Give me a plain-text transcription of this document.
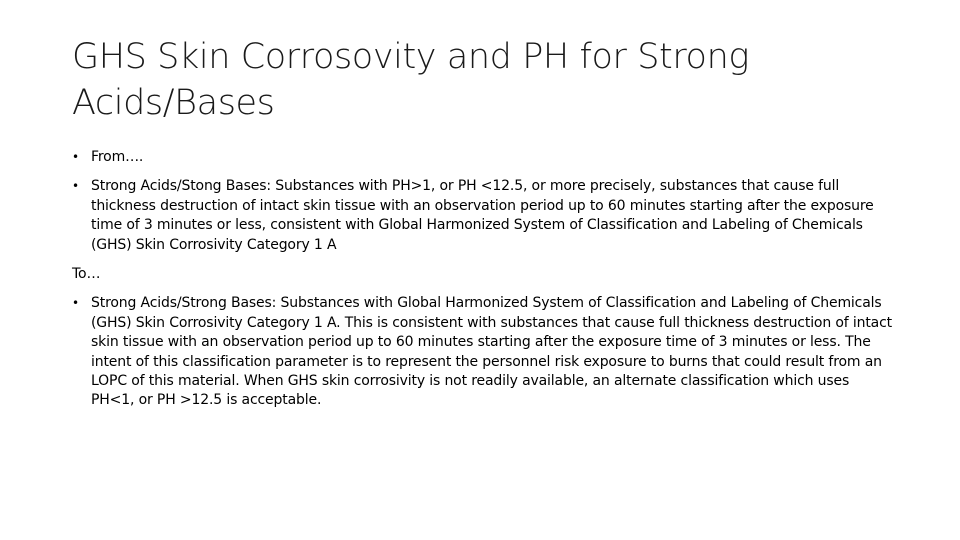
GHS Skin Corrosovity and PH for Strong
Acids/Bases
• From….
• Strong Acids/Stong Bases: Substances with PH>1, or PH <12.5, or more precisely, substances that cause full thickness destruction of intact skin tissue with an observation period up to 60 minutes starting after the exposure time of 3 minutes or less, consistent with Global Harmonized System of Classification and Labeling of Chemicals (GHS) Skin Corrosivity Category 1 A
To…
• Strong Acids/Strong Bases: Substances with Global Harmonized System of Classification and Labeling of Chemicals (GHS) Skin Corrosivity Category 1 A. This is consistent with substances that cause full thickness destruction of intact skin tissue with an observation period up to 60 minutes starting after the exposure time of 3 minutes or less. The intent of this classification parameter is to represent the personnel risk exposure to burns that could result from an LOPC of this material. When GHS skin corrosivity is not readily available, an alternate classification which uses PH<1, or PH >12.5 is acceptable.
